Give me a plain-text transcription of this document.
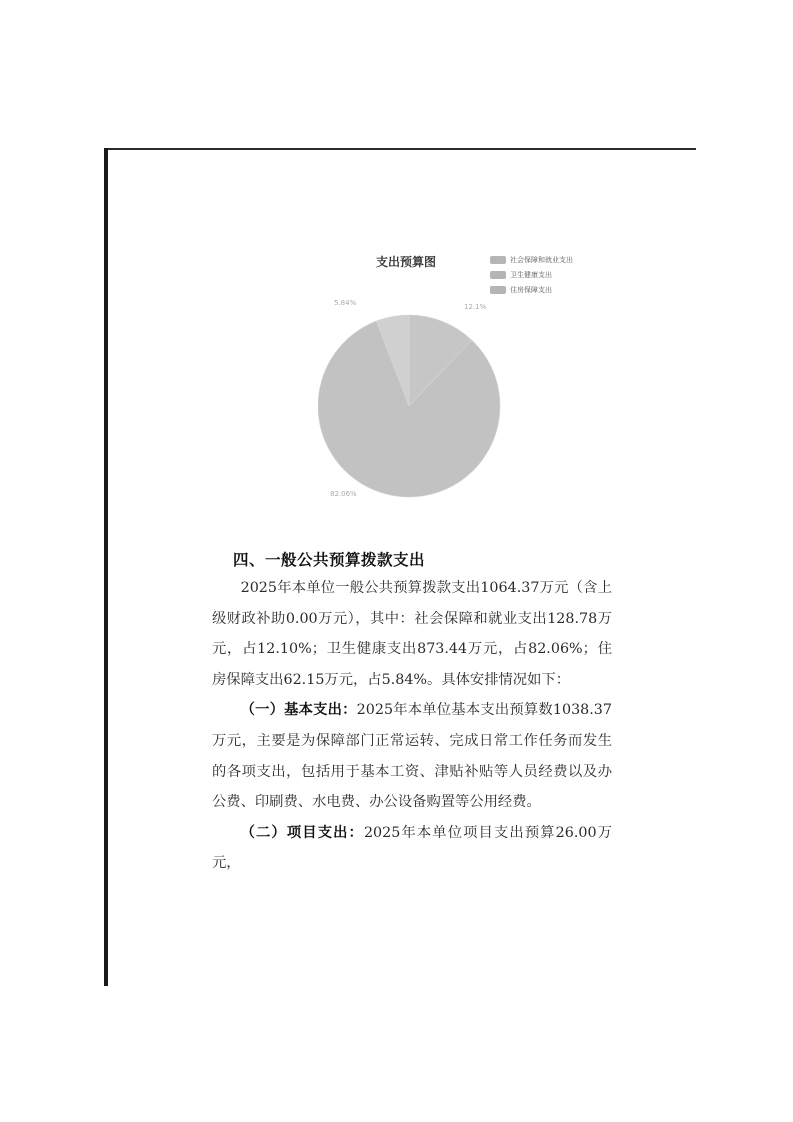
支出预算图	社会保障和就业支出
卫生健康支出
住房保障支出
12.1%
82.06%
5.84%
四、一般公共预算拨款支出

2025年本单位一般公共预算拨款支出1064.37万元（含上级财政补助0.00万元），其中：社会保障和就业支出128.78万元，占12.10%；卫生健康支出873.44万元，占82.06%；住房保障支出62.15万元，占5.84%。具体安排情况如下：

（一）基本支出：2025年本单位基本支出预算数1038.37万元，主要是为保障部门正常运转、完成日常工作任务而发生的各项支出，包括用于基本工资、津贴补贴等人员经费以及办公费、印刷费、水电费、办公设备购置等公用经费。

（二）项目支出：2025年本单位项目支出预算26.00万元，
